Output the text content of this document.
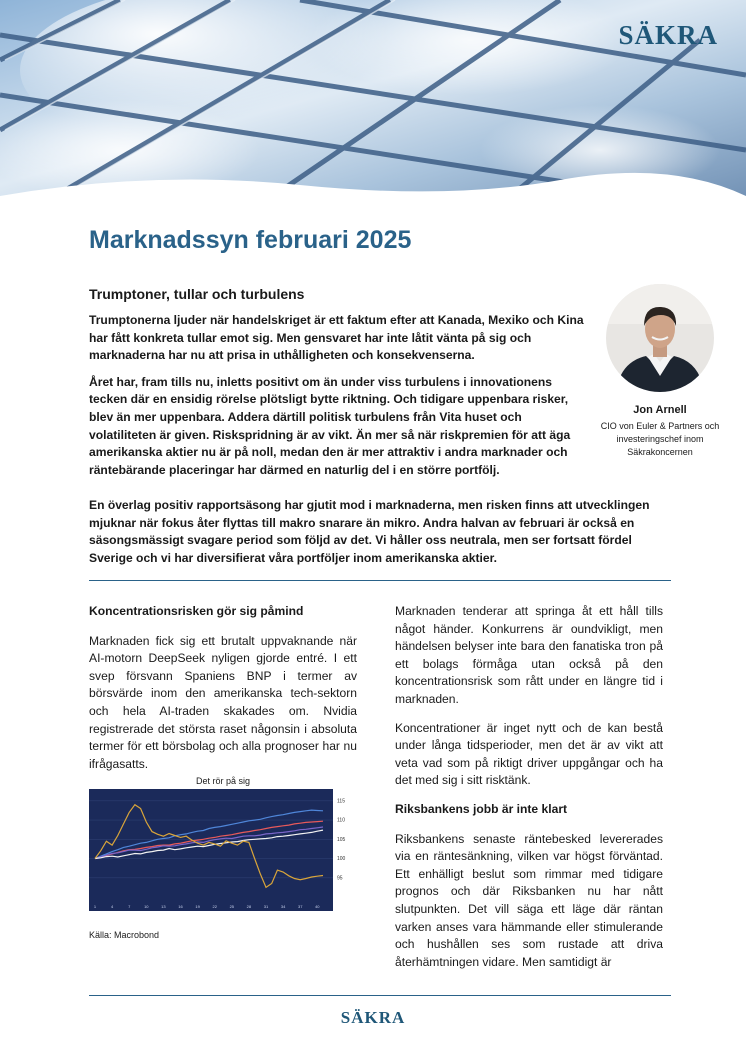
SÄKRA
Marknadssyn februari 2025
Trumptoner, tullar och turbulens

Trumptonerna ljuder när handelskriget är ett faktum efter att Kanada, Mexiko och Kina har fått konkreta tullar emot sig. Men gensvaret har inte låtit vänta på sig och marknaderna har nu att prisa in uthålligheten och konsekvenserna.

Året har, fram tills nu, inletts positivt om än under viss turbulens i innovationens tecken där en ensidig rörelse plötsligt bytte riktning. Och tidigare uppenbara risker, blev än mer uppenbara. Addera därtill politisk turbulens från Vita huset och volatiliteten är given. Riskspridning är av vikt. Än mer så när riskpremien för att äga amerikanska aktier nu är på noll, medan den är mer attraktiv i andra marknader och räntebärande placeringar har därmed en naturlig del i en större portfölj.

En överlag positiv rapportsäsong har gjutit mod i marknaderna, men risken finns att utvecklingen mjuknar när fokus åter flyttas till makro snarare än mikro. Andra halvan av februari är också en säsongsmässigt svagare period som följd av det. Vi håller oss neutrala, men ser fortsatt fördel Sverige och vi har diversifierat våra portföljer inom amerikanska aktier.
Jon Arnell
CIO von Euler & Partners och investeringschef inom Säkrakoncernen
Koncentrationsrisken gör sig påmind

Marknaden fick sig ett brutalt uppvaknande när AI-motorn DeepSeek nyligen gjorde entré. I ett svep försvann Spaniens BNP i termer av börsvärde inom den amerikanska tech-sektorn och hela AI-traden skakades om. Nvidia registrerade det största raset någonsin i absoluta termer för ett börsbolag och alla prognoser har nu ifrågasatts.

Det rör på sig
1	4	7	10	13	16	19	22	25	28	31	34	37	40
95
100
105
110
115
Källa: Macrobond

Marknaden tenderar att springa åt ett håll tills något händer. Konkurrens är oundvikligt, men händelsen belyser inte bara den fanatiska tron på ett bolags förmåga utan också på den koncentrationsrisk som rått under en längre tid i marknaden.

Koncentrationer är inget nytt och de kan bestå under långa tidsperioder, men det är av vikt att veta vad som på riktigt driver uppgångar och ha det med sig i sitt risktänk.

Riksbankens jobb är inte klart

Riksbankens senaste räntebesked levererades via en räntesänkning, vilken var högst förväntad. Ett enhälligt beslut som rimmar med tidigare prognos och där Riksbanken nu har nått slutpunkten. Det vill säga ett läge där räntan varken anses vara hämmande eller stimulerande och hushållen ses som rustade att driva återhämtningen vidare. Men samtidigt är

SÄKRA
